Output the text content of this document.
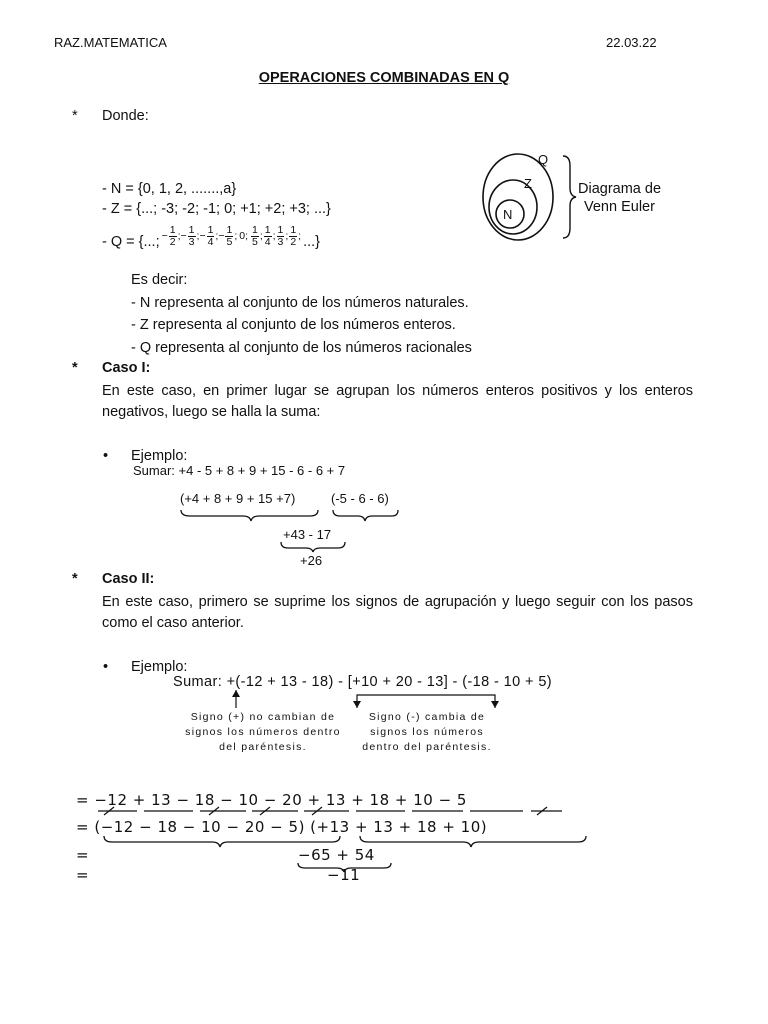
RAZ.MATEMATICA	22.03.22
OPERACIONES COMBINADAS EN Q
* Donde:
- N = {0, 1, 2, .......,a}
- Z = {...; -3; -2; -1; 0; +1; +2; +3; ...}
- Q = {...; − $\frac{1}{2}$ ; − $\frac{1}{3}$ ; − $\frac{1}{4}$ ; − $\frac{1}{5}$ ; 0; $\frac{1}{5}$ ; $\frac{1}{4}$ ; $\frac{1}{3}$ ; $\frac{1}{2}$ ; ...}
Q
Z
N
Diagrama de
Venn Euler
Es decir:
- N representa al conjunto de los números naturales.
- Z representa al conjunto de los números enteros.
- Q representa al conjunto de los números racionales
* Caso I:
En este caso, en primer lugar se agrupan los números enteros positivos y los enteros negativos, luego se halla la suma:
• Ejemplo:
Sumar: +4 - 5 + 8 + 9 + 15 - 6 - 6 + 7
(+4 + 8 + 9 + 15 +7)	(-5 - 6 - 6)
+43 - 17
+26
* Caso II:
En este caso, primero se suprime los signos de agrupación y luego seguir con los pasos como el caso anterior.
• Ejemplo:
Sumar: +(-12 + 13 - 18) - [+10 + 20 - 13] - (-18 - 10 + 5)
Signo (+) no cambian de signos los números dentro del paréntesis.
Signo (-) cambia de signos los números dentro del paréntesis.
= −12 + 13 − 18 − 10 − 20 + 13 + 18 + 10 − 5
= (−12 − 18 − 10 − 20 − 5) (+13 + 13 + 18 + 10)
=	−65 + 54
=	−11
